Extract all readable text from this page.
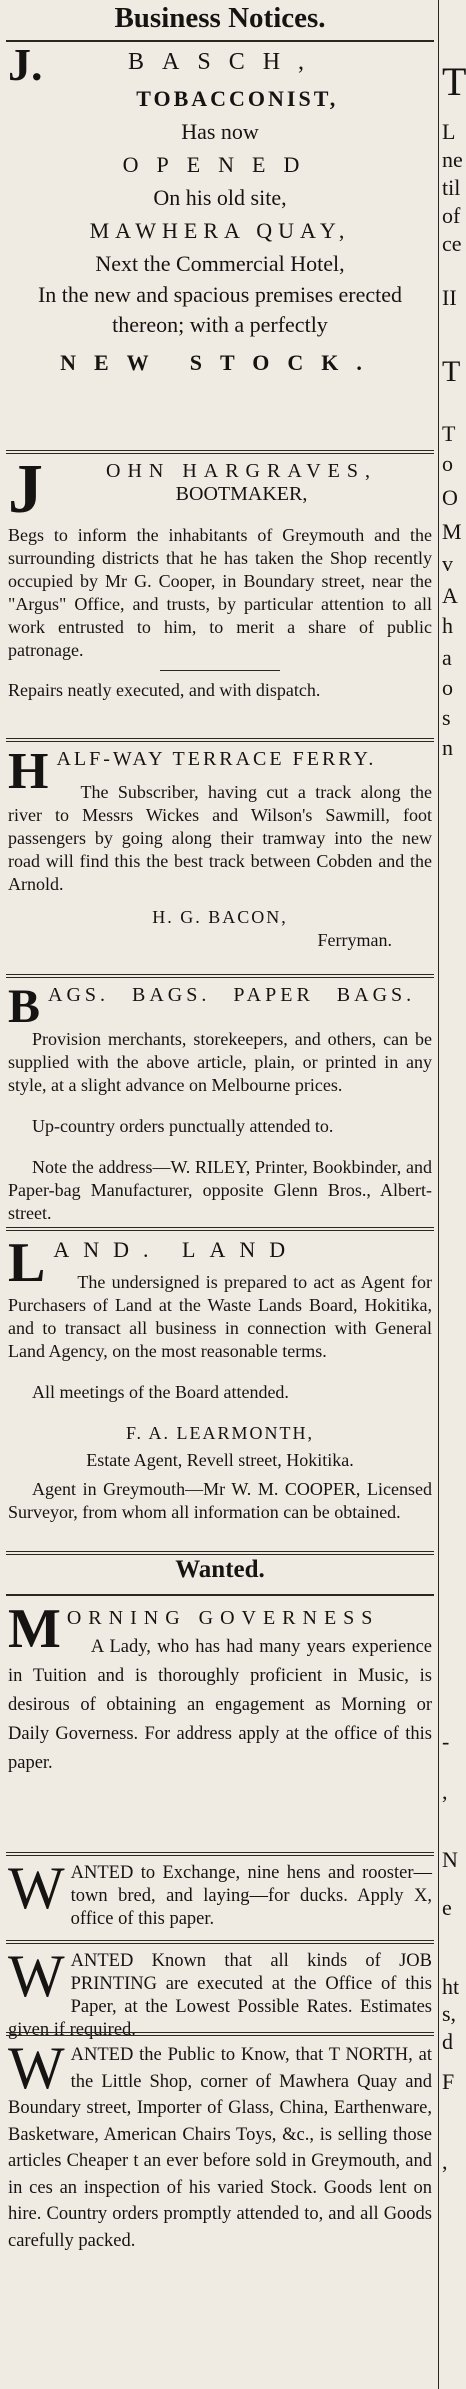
Business Notices.
J.	BASCH,

TOBACCONIST,

Has now

OPENED

On his old site,

MAWHERA QUAY,

Next the Commercial Hotel,

In the new and spacious premises erected thereon; with a perfectly

NEW STOCK.

J	OHN HARGRAVES,

BOOTMAKER,

Begs to inform the inhabitants of Greymouth and the surrounding districts that he has taken the Shop recently occupied by Mr G. Cooper, in Boundary street, near the "Argus" Office, and trusts, by particular attention to all work entrusted to him, to merit a share of public patronage.

Repairs neatly executed, and with dispatch.

H ALF-WAY TERRACE FERRY.

The Subscriber, having cut a track along the river to Messrs Wickes and Wilson's Sawmill, foot passengers by going along their tramway into the new road will find this the best track between Cobden and the Arnold.

H. G. BACON,

Ferryman.

B AGS. BAGS. PAPER BAGS.

Provision merchants, storekeepers, and others, can be supplied with the above article, plain, or printed in any style, at a slight advance on Melbourne prices.

Up-country orders punctually attended to.

Note the address—W. RILEY, Printer, Bookbinder, and Paper-bag Manufacturer, opposite Glenn Bros., Albert-street.

L AND. LAND

The undersigned is prepared to act as Agent for Purchasers of Land at the Waste Lands Board, Hokitika, and to transact all business in connection with General Land Agency, on the most reasonable terms.

All meetings of the Board attended.

F. A. LEARMONTH,

Estate Agent, Revell street, Hokitika.

Agent in Greymouth—Mr W. M. COOPER, Licensed Surveyor, from whom all information can be obtained.

Wanted.
M ORNING GOVERNESS

A Lady, who has had many years experience in Tuition and is thoroughly proficient in Music, is desirous of obtaining an engagement as Morning or Daily Governess. For address apply at the office of this paper.

W ANTED to Exchange, nine hens and rooster—town bred, and laying—for ducks. Apply X, office of this paper.

W ANTED Known that all kinds of JOB PRINTING are executed at the Office of this Paper, at the Lowest Possible Rates. Estimates given if required.

W ANTED the Public to Know, that T NORTH, at the Little Shop, corner of Mawhera Quay and Boundary street, Importer of Glass, China, Earthenware, Basketware, American Chairs Toys, &c., is selling those articles Cheaper t an ever before sold in Greymouth, and in ces an inspection of his varied Stock. Goods lent on hire. Country orders promptly attended to, and all Goods carefully packed.

T
L
ne
til
of
ce
II
T
T
o
O
M
v
A
h
a
o
s
n
-
,
N
e
ht
s,
d
F
,
